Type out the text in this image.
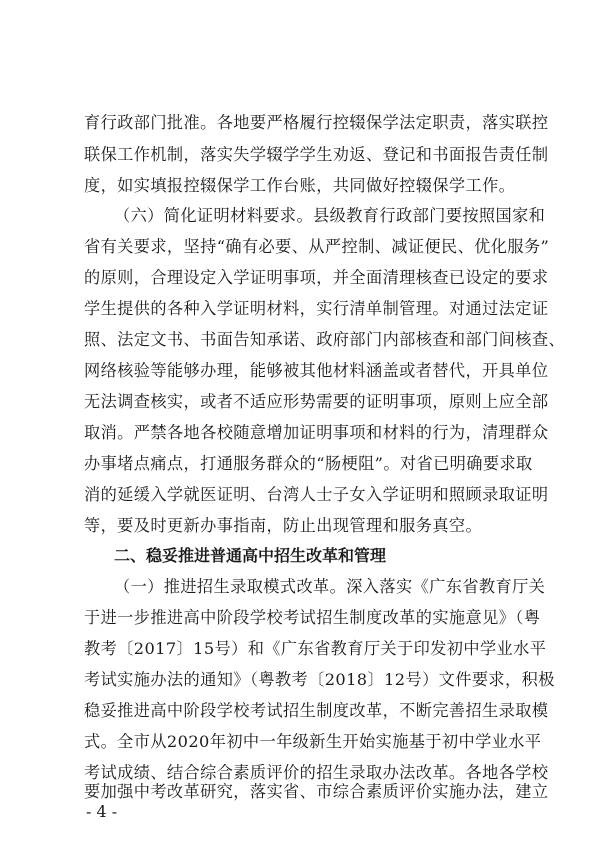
育行政部门批准。各地要严格履行控辍保学法定职责，落实联控
联保工作机制，落实失学辍学学生劝返、登记和书面报告责任制
度，如实填报控辍保学工作台账，共同做好控辍保学工作。
（六）简化证明材料要求。县级教育行政部门要按照国家和
省有关要求，坚持“确有必要、从严控制、减证便民、优化服务”
的原则，合理设定入学证明事项，并全面清理核查已设定的要求
学生提供的各种入学证明材料，实行清单制管理。对通过法定证
照、法定文书、书面告知承诺、政府部门内部核查和部门间核查、
网络核验等能够办理，能够被其他材料涵盖或者替代，开具单位
无法调查核实，或者不适应形势需要的证明事项，原则上应全部
取消。严禁各地各校随意增加证明事项和材料的行为，清理群众
办事堵点痛点，打通服务群众的“肠梗阻”。对省已明确要求取
消的延缓入学就医证明、台湾人士子女入学证明和照顾录取证明
等，要及时更新办事指南，防止出现管理和服务真空。
二、稳妥推进普通高中招生改革和管理
（一）推进招生录取模式改革。深入落实《广东省教育厅关
于进一步推进高中阶段学校考试招生制度改革的实施意见》（粤
教考〔2017〕15号）和《广东省教育厅关于印发初中学业水平
考试实施办法的通知》（粤教考〔2018〕12号）文件要求，积极
稳妥推进高中阶段学校考试招生制度改革，不断完善招生录取模
式。全市从2020年初中一年级新生开始实施基于初中学业水平
考试成绩、结合综合素质评价的招生录取办法改革。各地各学校
要加强中考改革研究，落实省、市综合素质评价实施办法，建立
- 4 -
